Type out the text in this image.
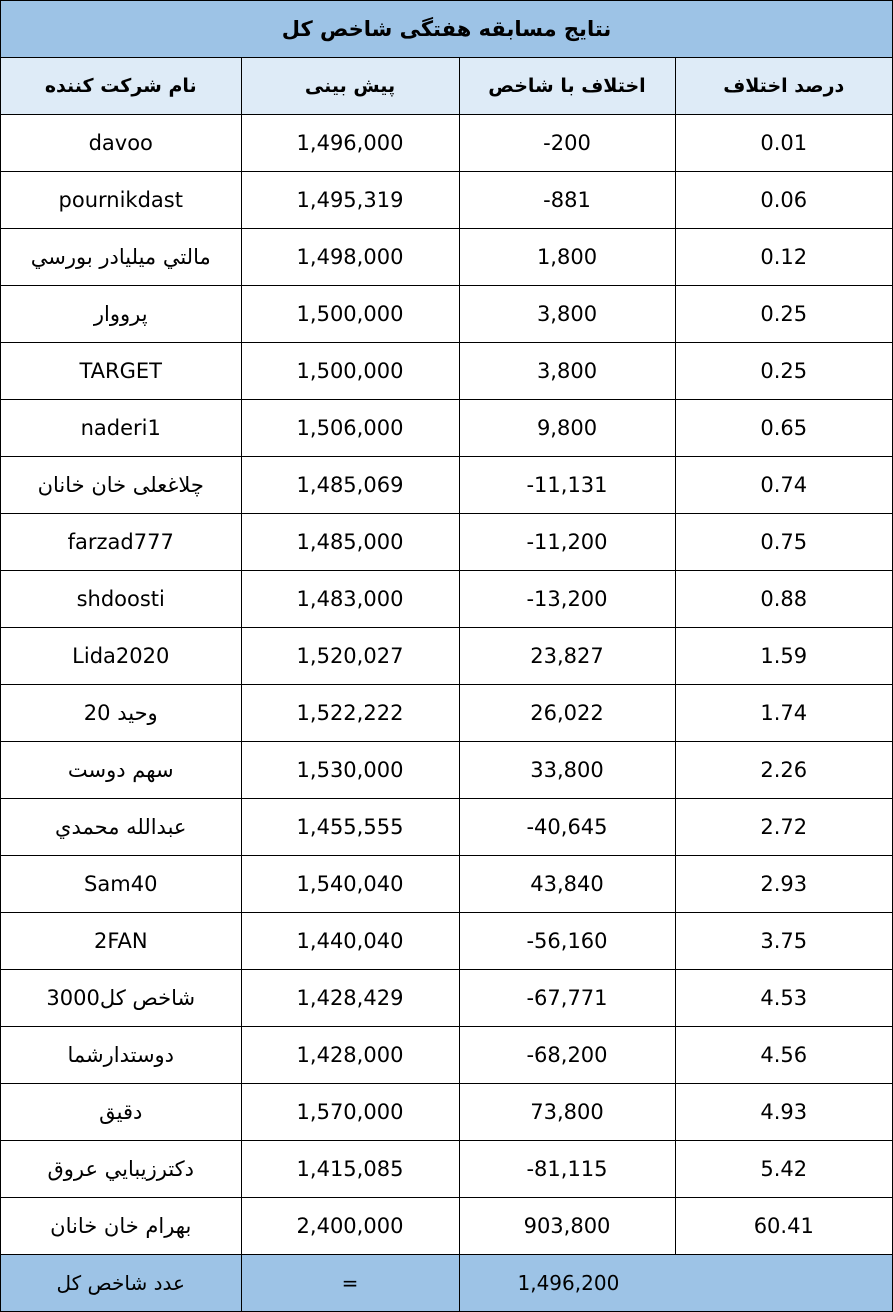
نتایج مسابقه هفتگی شاخص کل
نام شرکت کننده	پیش بینی	اختلاف با شاخص	درصد اختلاف
davoo	1,496,000	-200	0.01
pournikdast	1,495,319	-881	0.06
مالتي ميليادر بورسي	1,498,000	1,800	0.12
پرووار	1,500,000	3,800	0.25
TARGET	1,500,000	3,800	0.25
naderi1	1,506,000	9,800	0.65
چلاغعلی خان خانان	1,485,069	-11,131	0.74
farzad777	1,485,000	-11,200	0.75
shdoosti	1,483,000	-13,200	0.88
Lida2020	1,520,027	23,827	1.59
وحید 20	1,522,222	26,022	1.74
سهم دوست	1,530,000	33,800	2.26
عبدالله محمدي	1,455,555	-40,645	2.72
Sam40	1,540,040	43,840	2.93
2FAN	1,440,040	-56,160	3.75
شاخص کل3000	1,428,429	-67,771	4.53
دوستدارشما	1,428,000	-68,200	4.56
دقيق	1,570,000	73,800	4.93
دكترزيبايي عروق	1,415,085	-81,115	5.42
بهرام خان خانان	2,400,000	903,800	60.41
عدد شاخص کل	=	1,496,200	
